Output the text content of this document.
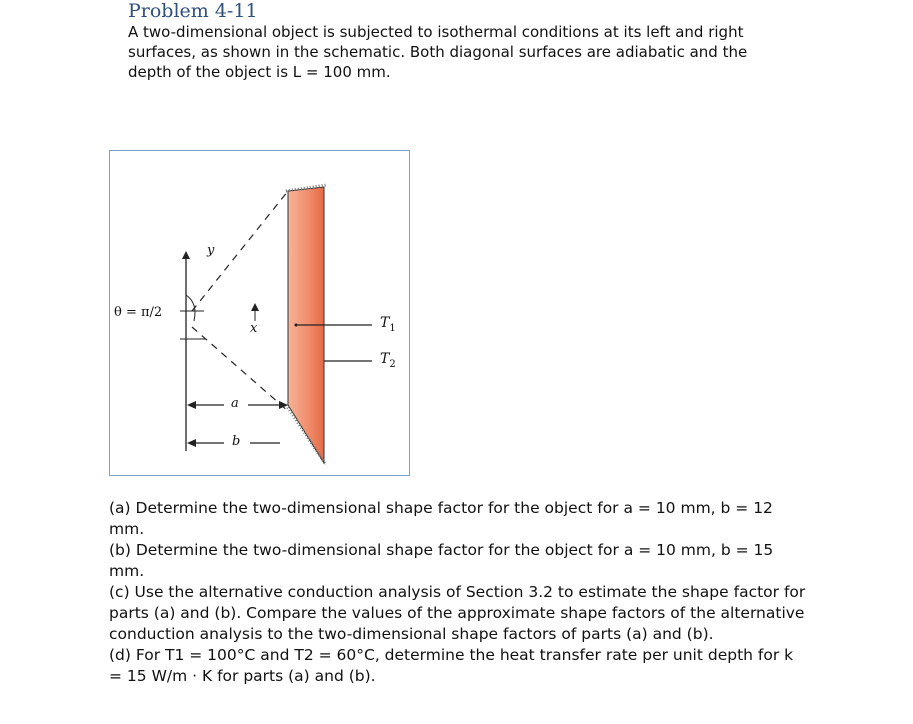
Problem 4-11
A two-dimensional object is subjected to isothermal conditions at its left and right surfaces, as shown in the schematic. Both diagonal surfaces are adiabatic and the depth of the object is L = 100 mm.
θ = π/2
y
x
a
b
$T_1$
$T_2$

(a) Determine the two-dimensional shape factor for the object for a = 10 mm, b = 12 mm.

(b) Determine the two-dimensional shape factor for the object for a = 10 mm, b = 15 mm.

(c) Use the alternative conduction analysis of Section 3.2 to estimate the shape factor for parts (a) and (b). Compare the values of the approximate shape factors of the alternative conduction analysis to the two-dimensional shape factors of parts (a) and (b).

(d) For T1 = 100°C and T2 = 60°C, determine the heat transfer rate per unit depth for k = 15 W/m · K for parts (a) and (b).
